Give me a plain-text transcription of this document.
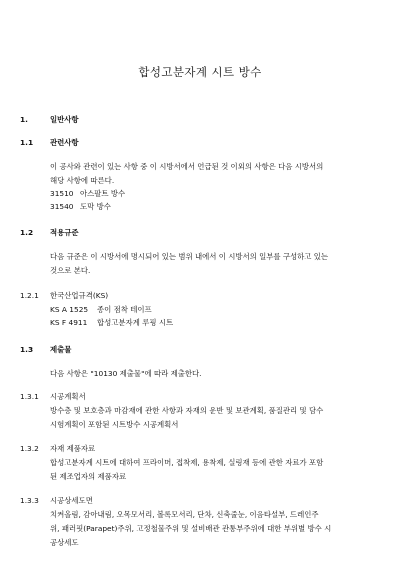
합성고분자계 시트 방수
1.	일반사항
1.1 관련사항
이 공사와 관련이 있는 사항 중 이 시방서에서 언급된 것 이외의 사항은 다음 시방서의
해당 사항에 따른다.
31510 아스팔트 방수
31540 도막 방수
1.2 적용규준
다음 규준은 이 시방서에 명시되어 있는 범위 내에서 이 시방서의 일부를 구성하고 있는
것으로 본다.
1.2.1 한국산업규격(KS)
KS A 1525 종이 점착 테이프
KS F 4911 합성고분자계 루핑 시트
1.3 제출물
다음 사항은 "10130 제출물"에 따라 제출한다.
1.3.1 시공계획서
방수층 및 보호층과 마감재에 관한 사항과 자재의 운반 및 보관계획, 품질관리 및 담수
시험계획이 포함된 시트방수 시공계획서
1.3.2 자재 제품자료
합성고분자계 시트에 대하여 프라이머, 접착제, 용착제, 실링재 등에 관한 자료가 포함
된 제조업자의 제품자료
1.3.3 시공상세도면
치켜올림, 감아내림, 오목모서리, 볼록모서리, 단차, 신축줄눈, 이음타설부, 드레인주
위, 패러핏(Parapet)주위, 고정철물주위 및 설비배관 관통부주위에 대한 부위별 방수 시
공상세도
